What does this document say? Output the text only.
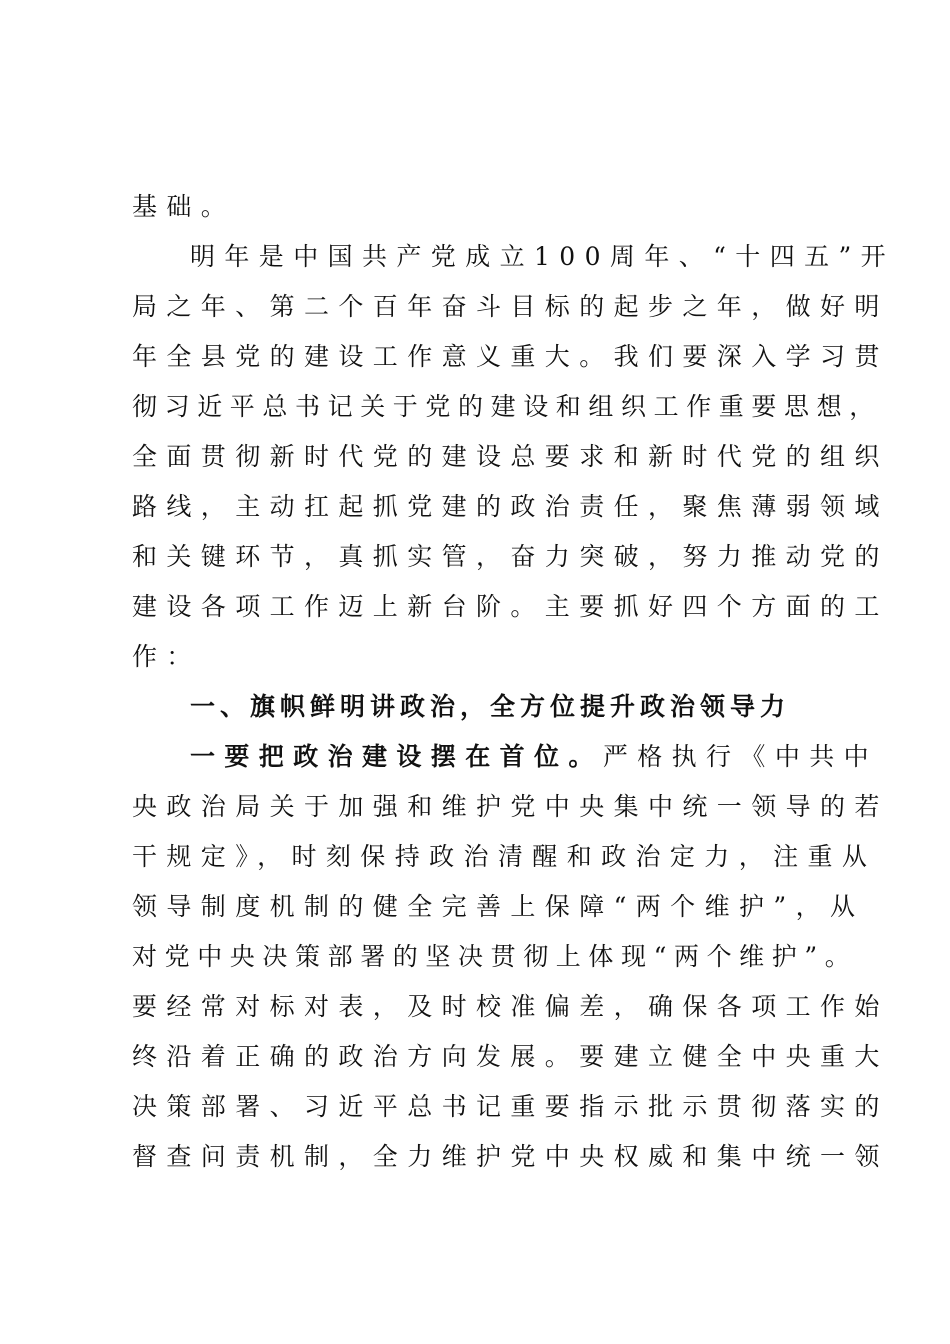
基础。
明年是中国共产党成立100周年、“十四五”开
局之年、第二个百年奋斗目标的起步之年，做好明
年全县党的建设工作意义重大。我们要深入学习贯
彻习近平总书记关于党的建设和组织工作重要思想，
全面贯彻新时代党的建设总要求和新时代党的组织
路线，主动扛起抓党建的政治责任，聚焦薄弱领域
和关键环节，真抓实管，奋力突破，努力推动党的
建设各项工作迈上新台阶。主要抓好四个方面的工
作：
一、旗帜鲜明讲政治，全方位提升政治领导力
一要把政治建设摆在首位。严格执行《中共中
央政治局关于加强和维护党中央集中统一领导的若
干规定》，时刻保持政治清醒和政治定力，注重从
领导制度机制的健全完善上保障“两个维护”，从
对党中央决策部署的坚决贯彻上体现“两个维护”。
要经常对标对表，及时校准偏差，确保各项工作始
终沿着正确的政治方向发展。要建立健全中央重大
决策部署、习近平总书记重要指示批示贯彻落实的
督查问责机制，全力维护党中央权威和集中统一领
